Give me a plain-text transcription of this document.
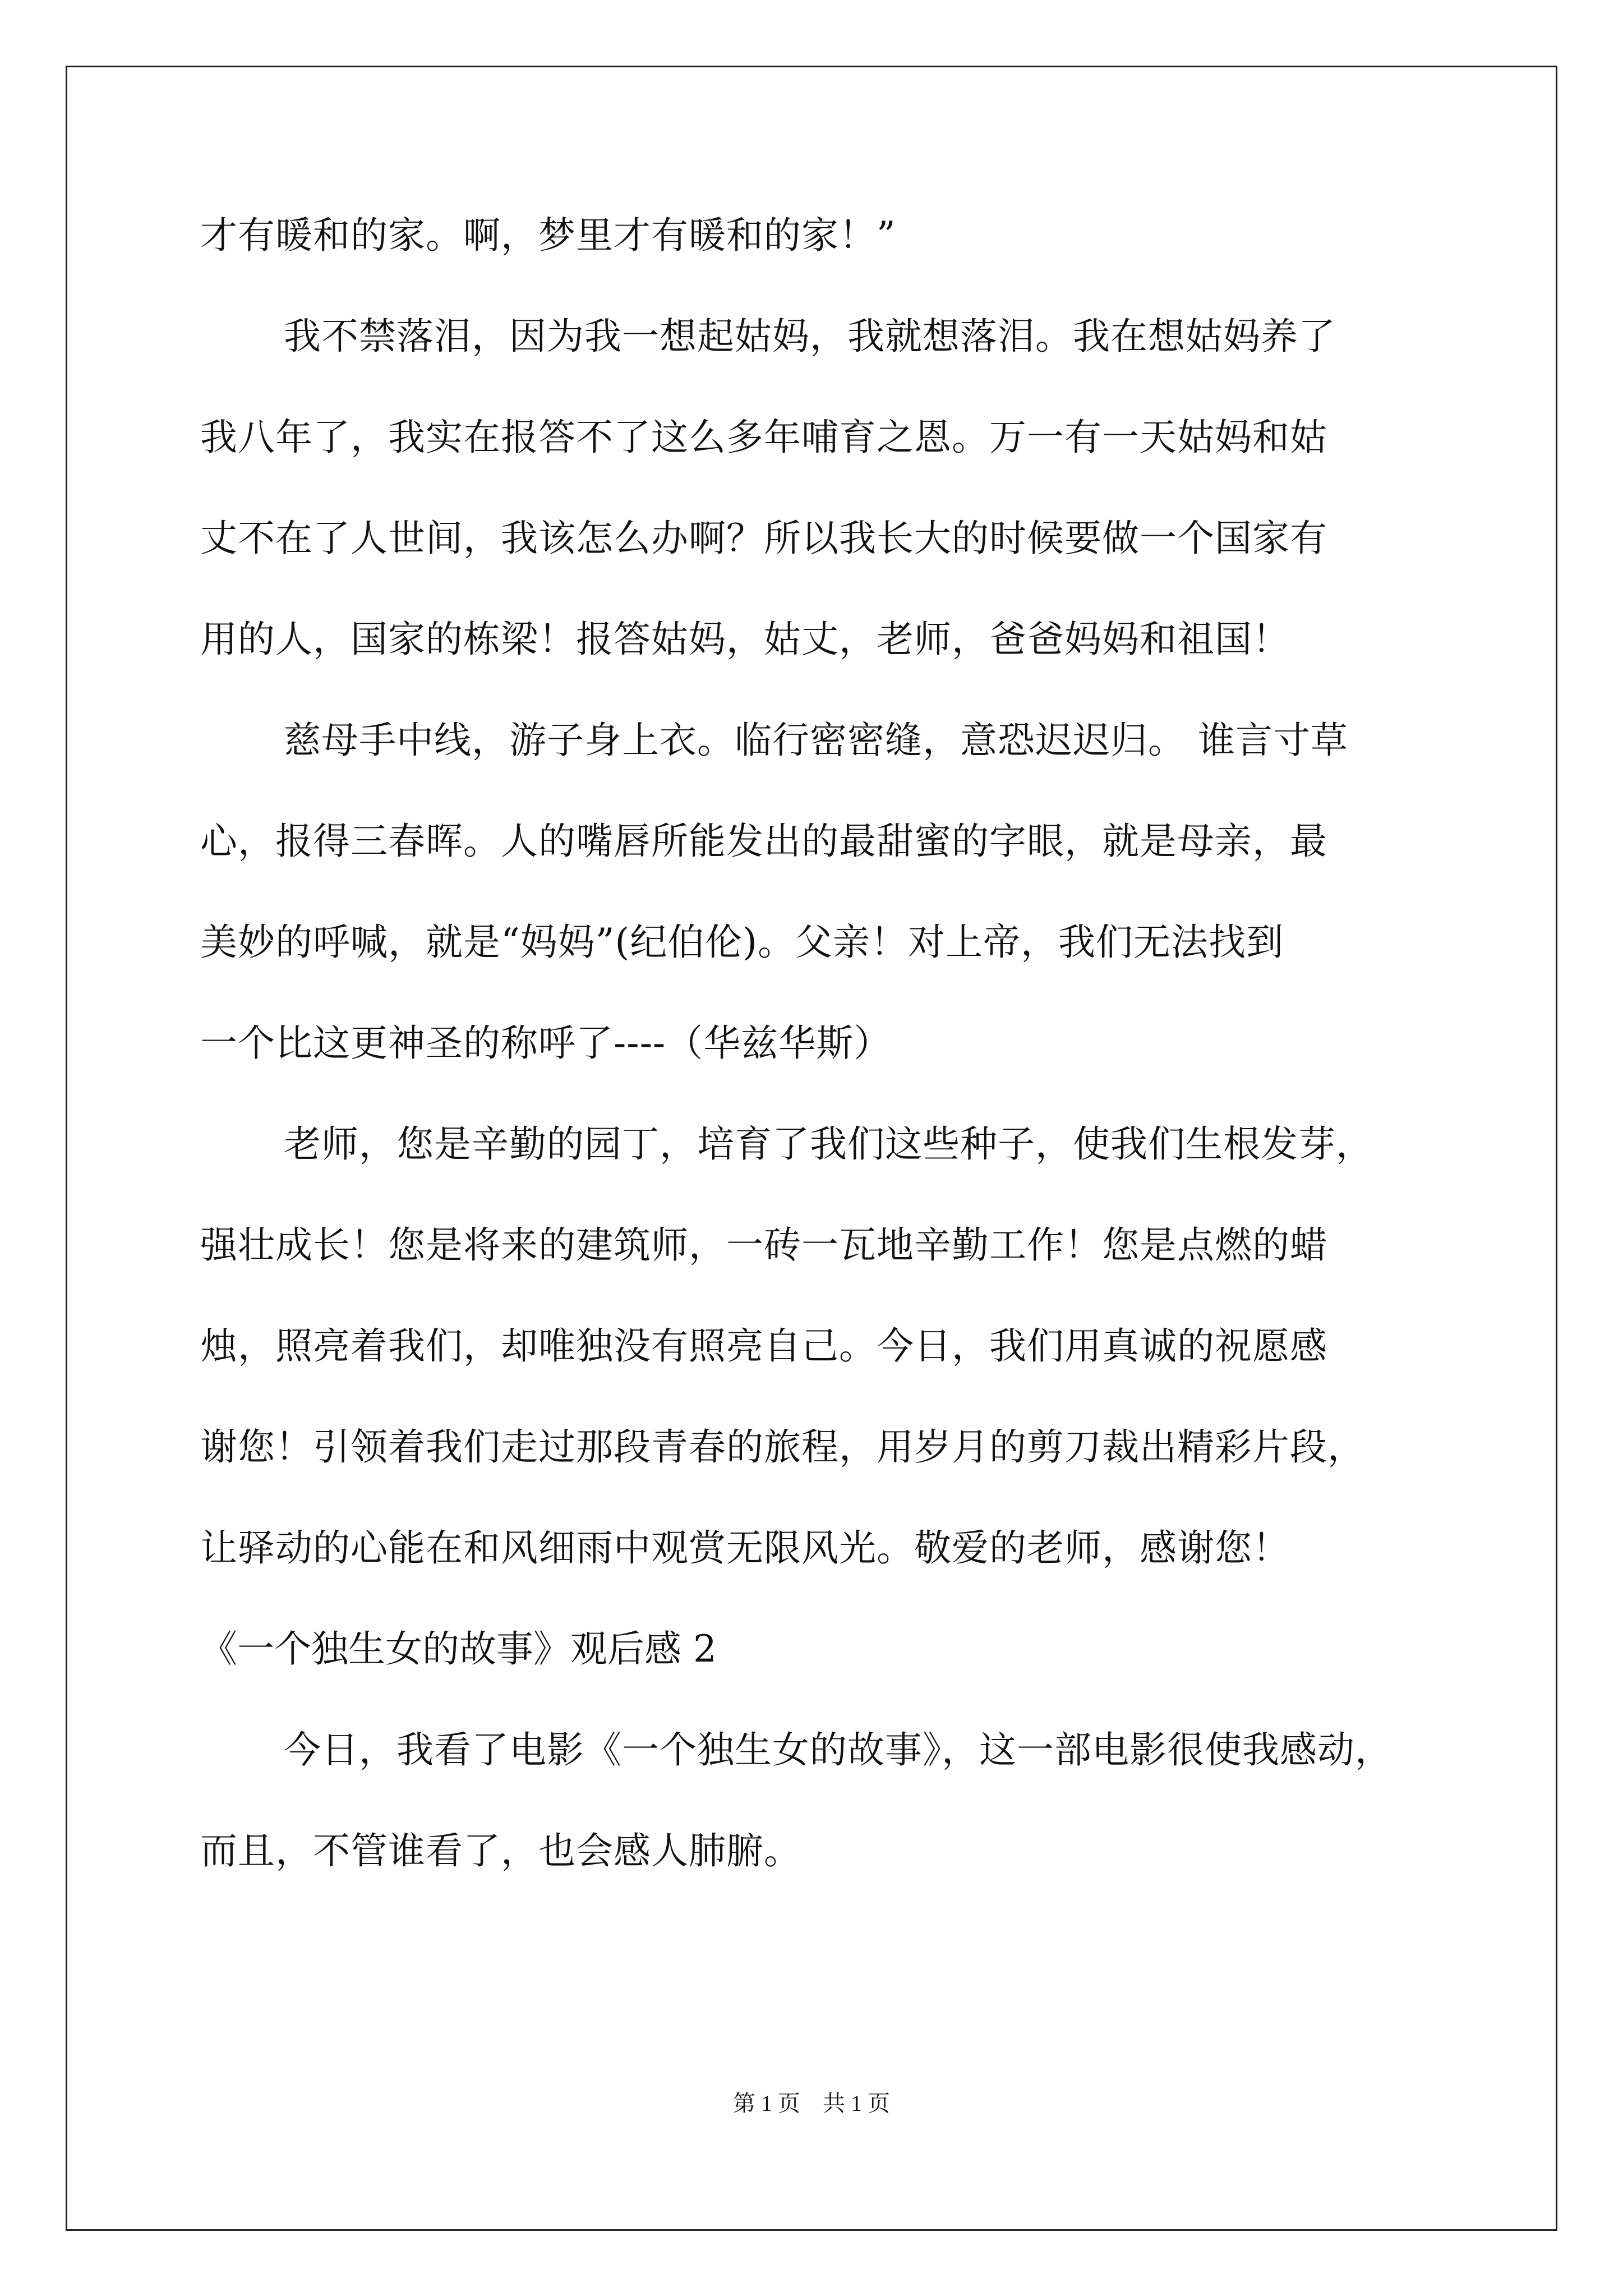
才有暖和的家。啊，梦里才有暖和的家！”
我不禁落泪，因为我一想起姑妈，我就想落泪。我在想姑妈养了
我八年了，我实在报答不了这么多年哺育之恩。万一有一天姑妈和姑
丈不在了人世间，我该怎么办啊？所以我长大的时候要做一个国家有
用的人，国家的栋梁！报答姑妈，姑丈，老师，爸爸妈妈和祖国！
慈母手中线，游子身上衣。临行密密缝，意恐迟迟归。 谁言寸草
心，报得三春晖。人的嘴唇所能发出的最甜蜜的字眼，就是母亲，最
美妙的呼喊，就是“妈妈”(纪伯伦)。父亲！对上帝，我们无法找到
一个比这更神圣的称呼了----（华兹华斯）
老师，您是辛勤的园丁，培育了我们这些种子，使我们生根发芽，
强壮成长！您是将来的建筑师，一砖一瓦地辛勤工作！您是点燃的蜡
烛，照亮着我们，却唯独没有照亮自己。今日，我们用真诚的祝愿感
谢您！引领着我们走过那段青春的旅程，用岁月的剪刀裁出精彩片段，
让驿动的心能在和风细雨中观赏无限风光。敬爱的老师，感谢您！
《一个独生女的故事》观后感 2
今日，我看了电影《一个独生女的故事》，这一部电影很使我感动，
而且，不管谁看了，也会感人肺腑。
第 1 页　共 1 页
